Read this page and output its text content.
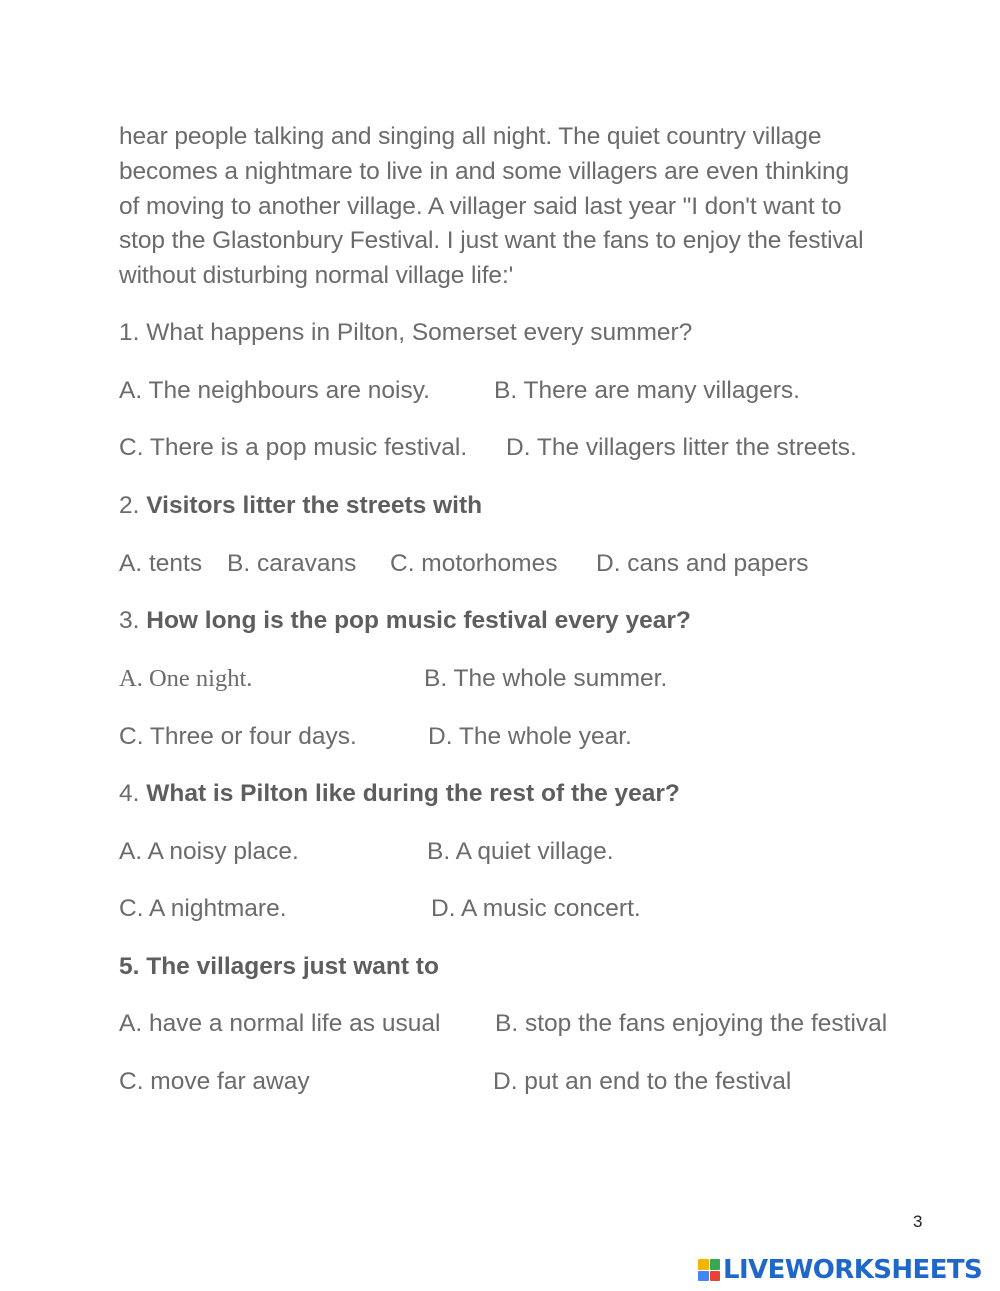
hear people talking and singing all night. The quiet country village
becomes a nightmare to live in and some villagers are even thinking
of moving to another village. A villager said last year "I don't want to
stop the Glastonbury Festival. I just want the fans to enjoy the festival
without disturbing normal village life:'
1. What happens in Pilton, Somerset every summer?
A. The neighbours are noisy.	B. There are many villagers.
C. There is a pop music festival. D. The villagers litter the streets.
2. Visitors litter the streets with
A. tents B. caravans C. motorhomes D. cans and papers
3. How long is the pop music festival every year?
A. One night.	B. The whole summer.
C. Three or four days.	D. The whole year.
4. What is Pilton like during the rest of the year?
A. A noisy place.	B. A quiet village.
C. A nightmare.	D. A music concert.
5. The villagers just want to
A. have a normal life as usual B. stop the fans enjoying the festival
C. move far away	D. put an end to the festival
3
LIVEWORKSHEETS
